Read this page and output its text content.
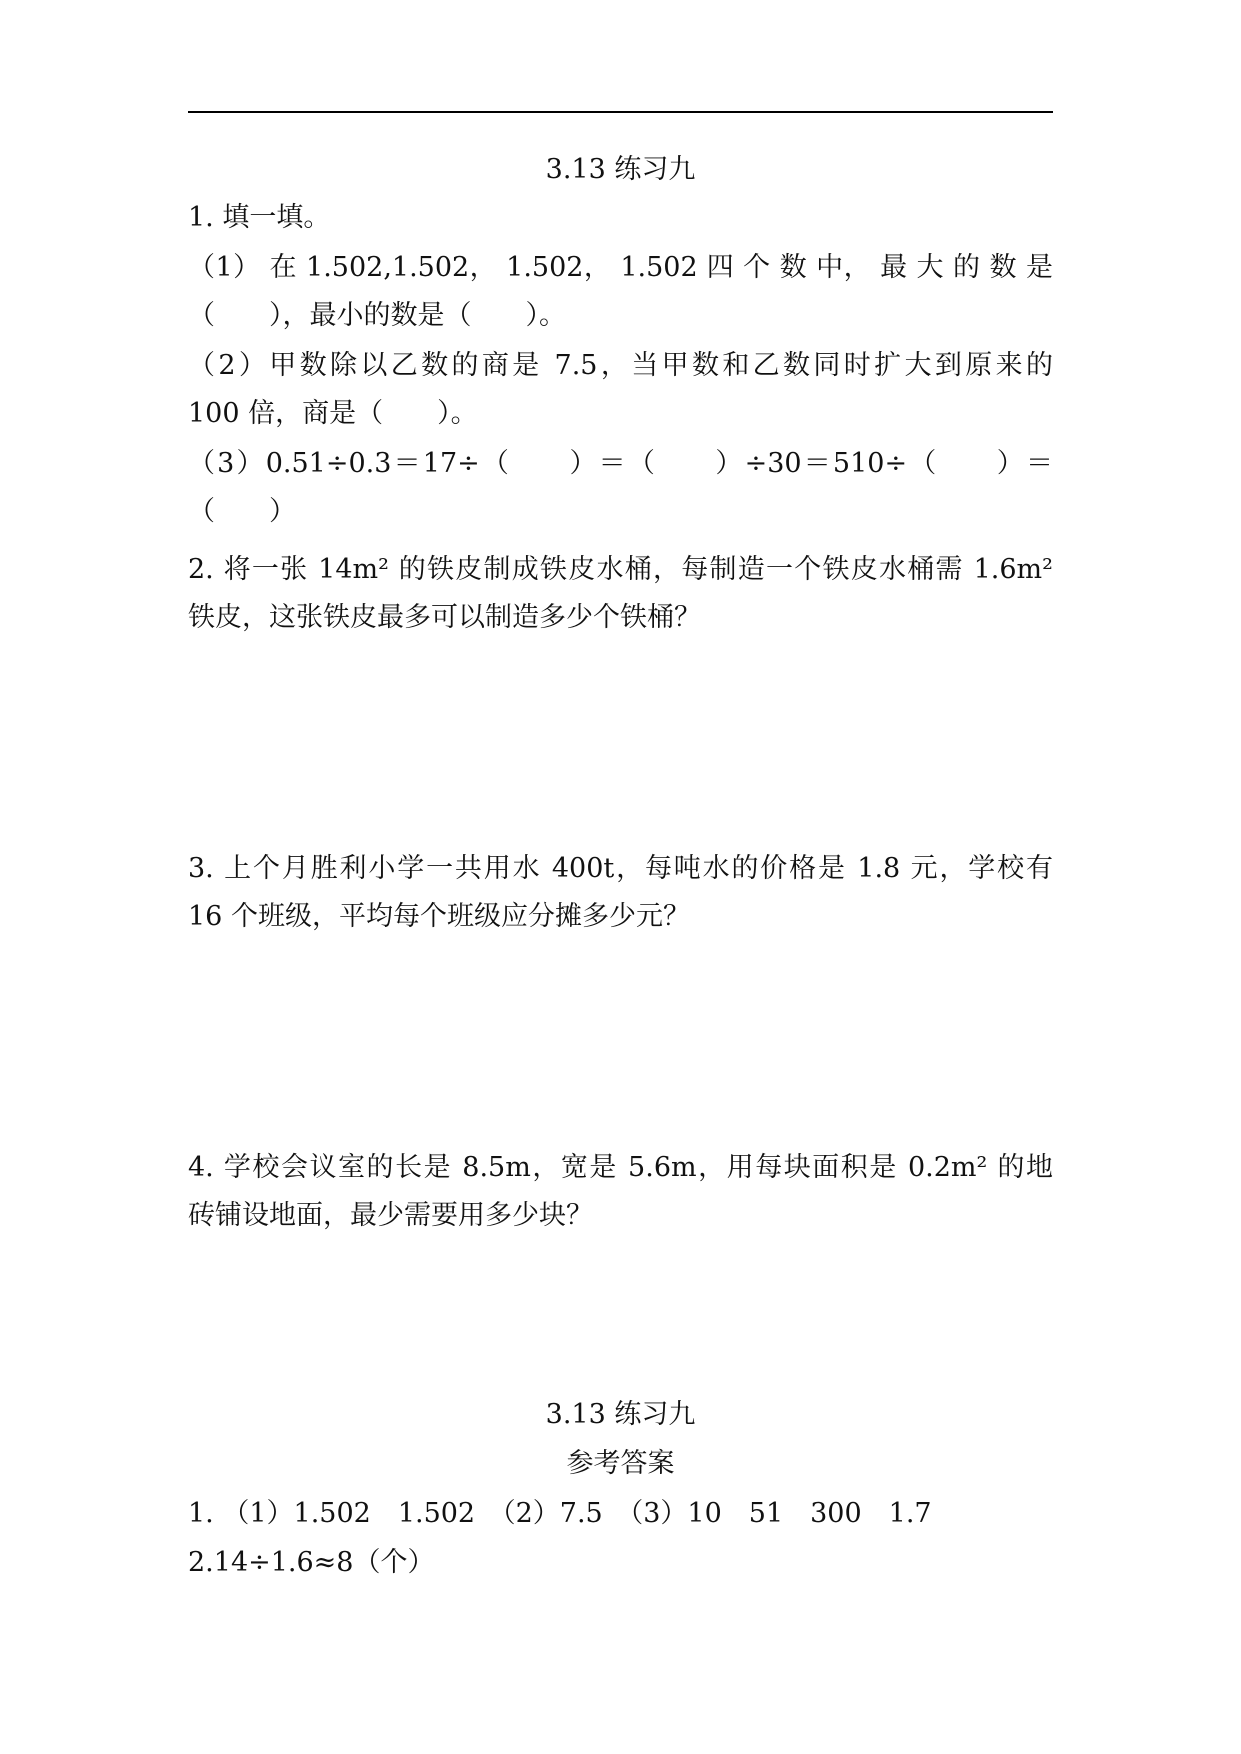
3.13 练习九
1. 填一填。
（1） 在 1.502,1.502， 1.502， 1.502 四 个 数 中， 最 大 的 数 是
（　　），最小的数是（　　）。
（2）甲数除以乙数的商是 7.5，当甲数和乙数同时扩大到原来的
100 倍，商是（　　）。
（3）0.51÷0.3＝17÷（　　）＝（　　）÷30＝510÷（　　）＝
（　　）
2. 将一张 14m² 的铁皮制成铁皮水桶，每制造一个铁皮水桶需 1.6m²
铁皮，这张铁皮最多可以制造多少个铁桶？
3. 上个月胜利小学一共用水 400t，每吨水的价格是 1.8 元，学校有
16 个班级，平均每个班级应分摊多少元？
4. 学校会议室的长是 8.5m，宽是 5.6m，用每块面积是 0.2m² 的地
砖铺设地面，最少需要用多少块？
3.13 练习九
参考答案
1. （1）1.502　1.502　（2）7.5　（3）10　51　300　1.7
2.14÷1.6≈8（个）
